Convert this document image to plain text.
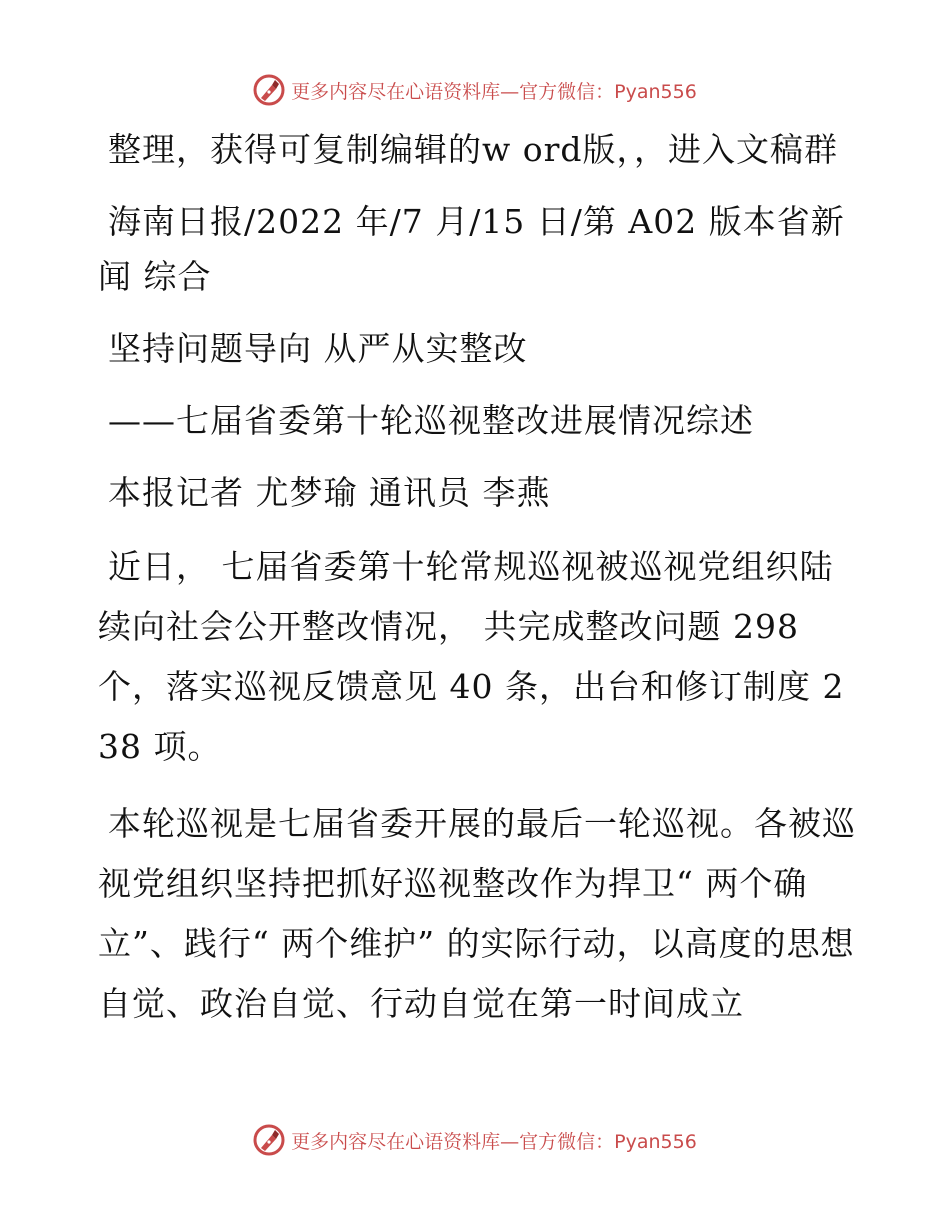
更多内容尽在心语资料库—官方微信：Pyan556

整理，获得可复制编辑的w ord版，，进入文稿群

海南日报/2022 年/7 月/15 日/第 A02 版本省新闻 综合

坚持问题导向 从严从实整改

——七届省委第十轮巡视整改进展情况综述

本报记者 尤梦瑜 通讯员 李燕

近日， 七届省委第十轮常规巡视被巡视党组织陆续向社会公开整改情况， 共完成整改问题 298 个，落实巡视反馈意见 40 条，出台和修订制度 238 项。

本轮巡视是七届省委开展的最后一轮巡视。各被巡视党组织坚持把抓好巡视整改作为捍卫“ 两个确立”、践行“ 两个维护” 的实际行动，以高度的思想自觉、政治自觉、行动自觉在第一时间成立

更多内容尽在心语资料库—官方微信：Pyan556
